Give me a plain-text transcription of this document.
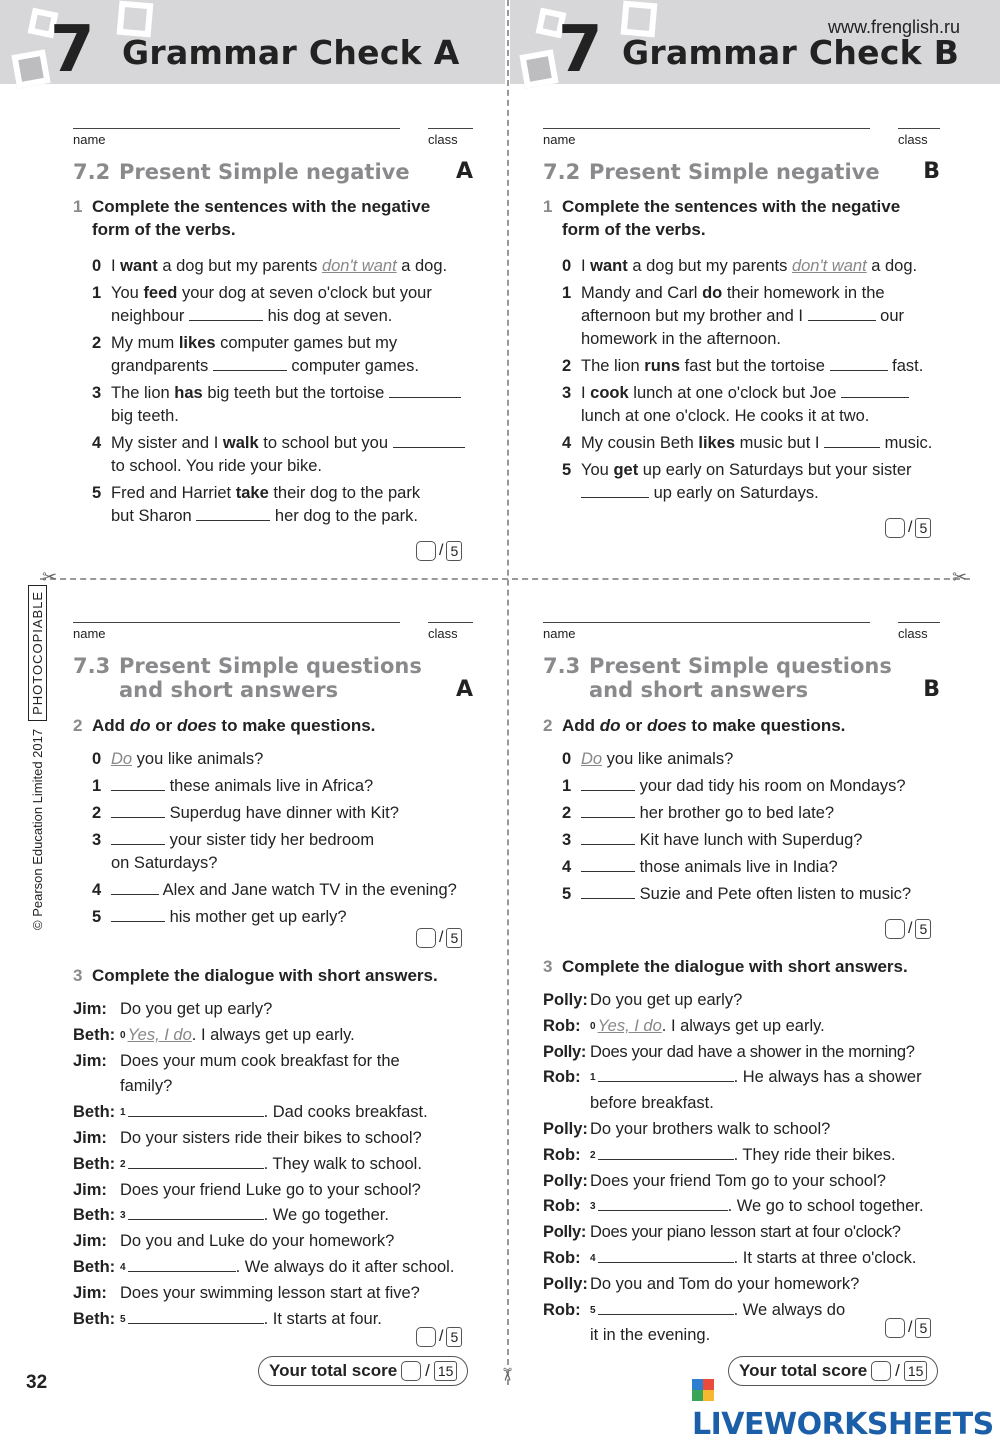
7 Grammar Check A 7 Grammar Check B
www.frenglish.ru
✂	✂
✂
© Pearson Education Limited 2017PHOTOCOPIABLE
name	class
7.2 Present Simple negative A
1 Complete the sentences with the negative
form of the verbs.
0 I want a dog but my parents don't want a dog.
1 You feed your dog at seven o'clock but your
neighbour	his dog at seven.
2 My mum likes computer games but my
grandparents	computer games.
3 The lion has big teeth but the tortoise
big teeth.
4 My sister and I walk to school but you
to school. You ride your bike.
5 Fred and Harriet take their dog to the park
but Sharon	her dog to the park.
/ 5
name	class
7.2 Present Simple negative B
1 Complete the sentences with the negative
form of the verbs.
0 I want a dog but my parents don't want a dog.
1 Mandy and Carl do their homework in the
afternoon but my brother and I	our
homework in the afternoon.
2 The lion runs fast but the tortoise	fast.
3 I cook lunch at one o'clock but Joe
lunch at one o'clock. He cooks it at two.
4 My cousin Beth likes music but I	music.
5 You get up early on Saturdays but your sister
up early on Saturdays.
/ 5
name	class
7.3 Present Simple questions
and short answers	A
2 Add do or does to make questions.
0 Do you like animals?
1	these animals live in Africa?
2	Superdug have dinner with Kit?
3	your sister tidy her bedroom
on Saturdays?
4	Alex and Jane watch TV in the evening?
5	his mother get up early?
/ 5
name	class
7.3 Present Simple questions
and short answers	B
2 Add do or does to make questions.
0 Do you like animals?
1	your dad tidy his room on Mondays?
2	her brother go to bed late?
3	Kit have lunch with Superdug?
4	those animals live in India?
5	Suzie and Pete often listen to music?
/ 5
3 Complete the dialogue with short answers.
Jim: Do you get up early?
Beth: $^0$ Yes, I do. I always get up early.
Jim: Does your mum cook breakfast for the
family?
Beth: $^1$	. Dad cooks breakfast.
Jim: Do your sisters ride their bikes to school?
Beth: $^2$	. They walk to school.
Jim: Does your friend Luke go to your school?
Beth: $^3$	. We go together.
Jim: Do you and Luke do your homework?
Beth: $^4$	. We always do it after school.
Jim: Does your swimming lesson start at five?
Beth: $^5$	. It starts at four.
/ 5
3 Complete the dialogue with short answers.
Polly: Do you get up early?
Rob: $^0$ Yes, I do. I always get up early.
Polly: Does your dad have a shower in the morning?
Rob: $^1$	. He always has a shower
before breakfast.
Polly: Do your brothers walk to school?
Rob: $^2$	. They ride their bikes.
Polly: Does your friend Tom go to your school?
Rob: $^3$	. We go to school together.
Polly: Does your piano lesson start at four o'clock?
Rob: $^4$	. It starts at three o'clock.
Polly: Do you and Tom do your homework?
Rob: $^5$	. We always do
it in the evening.	/ 5
Your total score / 15	Your total score / 15
32
LIVEWORKSHEETS
